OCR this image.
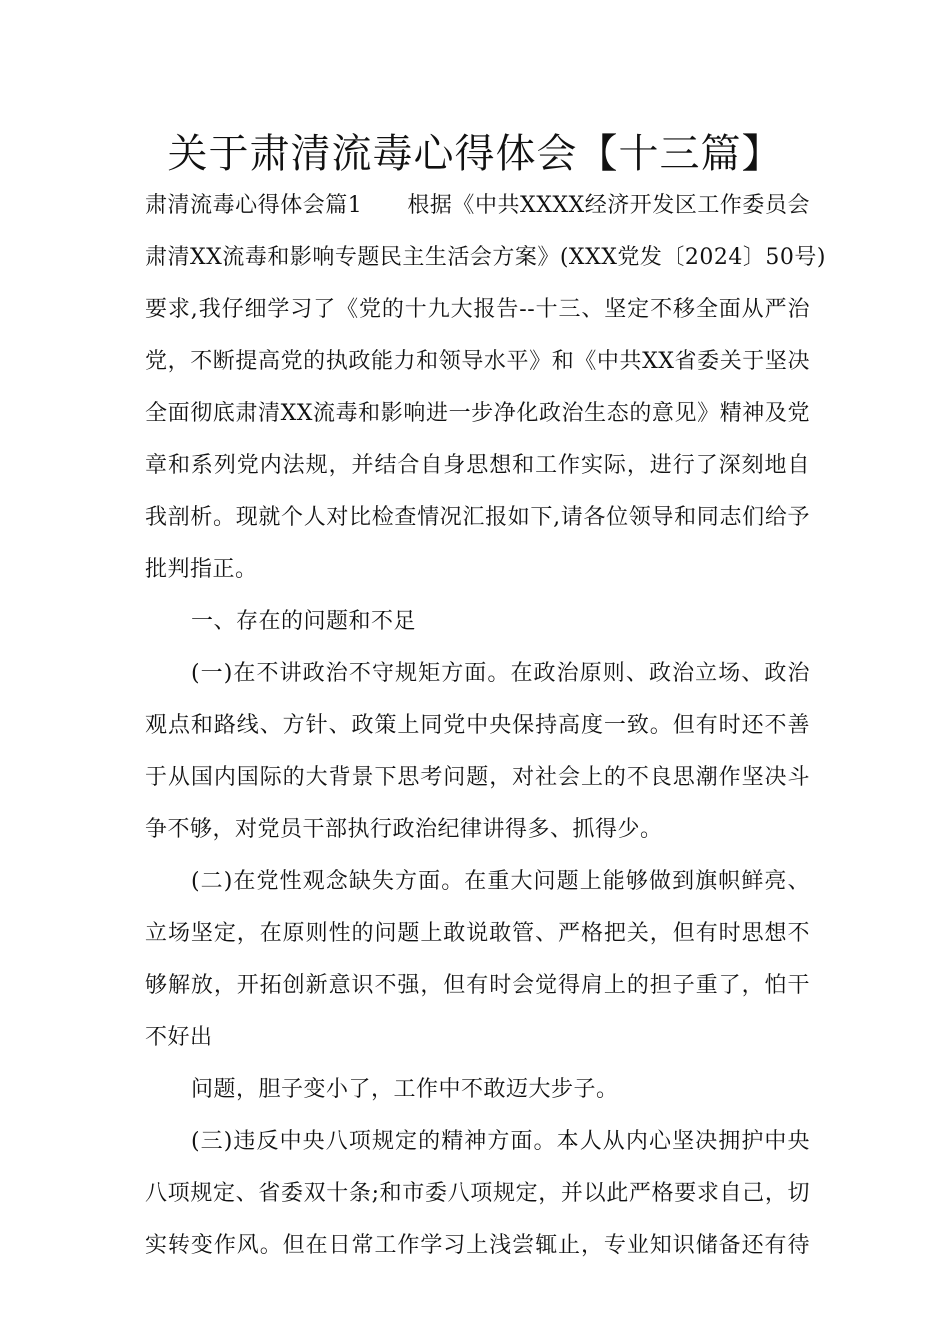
关于肃清流毒心得体会【十三篇】
肃清流毒心得体会篇1　　根据《中共XXXX经济开发区工作委员会
肃清XX流毒和影响专题民主生活会方案》(XXX党发〔2024〕50号)
要求,我仔细学习了《党的十九大报告--十三、坚定不移全面从严治
党，不断提高党的执政能力和领导水平》和《中共XX省委关于坚决
全面彻底肃清XX流毒和影响进一步净化政治生态的意见》精神及党
章和系列党内法规，并结合自身思想和工作实际，进行了深刻地自
我剖析。现就个人对比检查情况汇报如下,请各位领导和同志们给予
批判指正。
一、存在的问题和不足
(一)在不讲政治不守规矩方面。在政治原则、政治立场、政治
观点和路线、方针、政策上同党中央保持高度一致。但有时还不善
于从国内国际的大背景下思考问题，对社会上的不良思潮作坚决斗
争不够，对党员干部执行政治纪律讲得多、抓得少。
(二)在党性观念缺失方面。在重大问题上能够做到旗帜鲜亮、
立场坚定，在原则性的问题上敢说敢管、严格把关，但有时思想不
够解放，开拓创新意识不强，但有时会觉得肩上的担子重了，怕干
不好出
问题，胆子变小了，工作中不敢迈大步子。
(三)违反中央八项规定的精神方面。本人从内心坚决拥护中央
八项规定、省委双十条;和市委八项规定，并以此严格要求自己，切
实转变作风。但在日常工作学习上浅尝辄止，专业知识储备还有待
